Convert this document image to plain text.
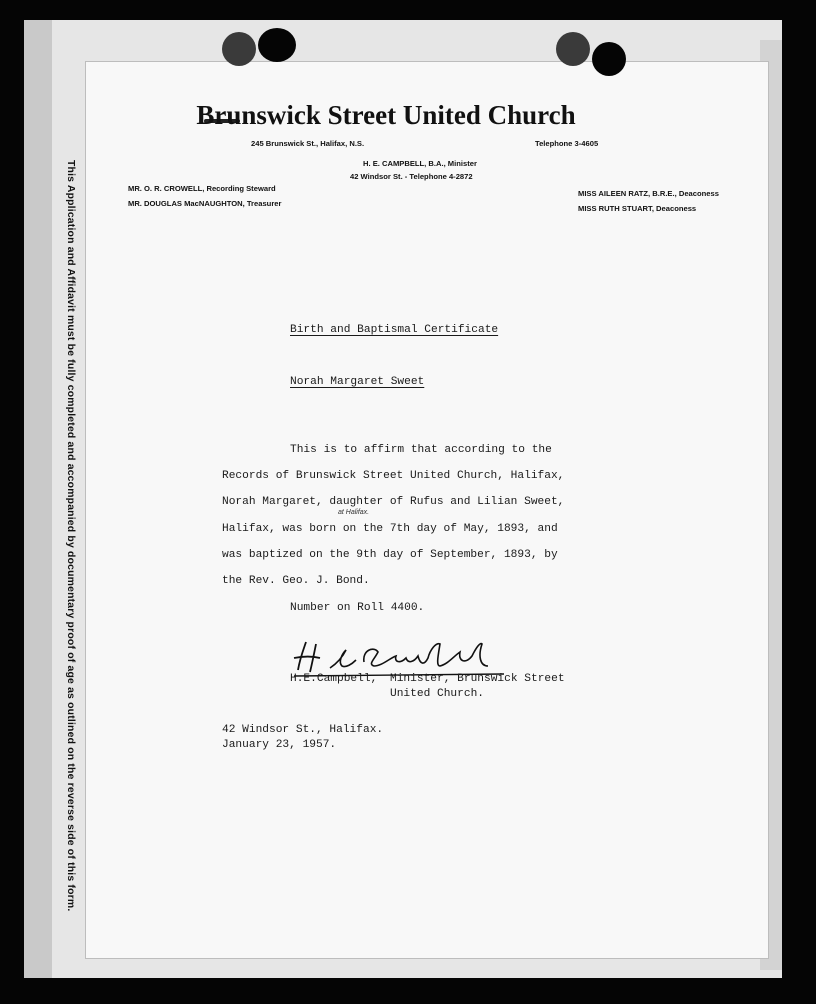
This Application and Affidavit must be fully completed and accompanied by documentary proof of age as outlined on the reverse side of this form.
Brunswick Street United Church
245 Brunswick St., Halifax, N.S.	Telephone 3-4605
H. E. CAMPBELL, B.A., Minister
42 Windsor St. - Telephone 4-2872
MR. O. R. CROWELL, Recording Steward
MR. DOUGLAS MacNAUGHTON, Treasurer
MISS AILEEN RATZ, B.R.E., Deaconess
MISS RUTH STUART, Deaconess
Birth and Baptismal Certificate
Norah Margaret Sweet
This is to affirm that according to the
Records of Brunswick Street United Church, Halifax,
Norah Margaret, daughter of Rufus and Lilian Sweet,
at Halifax.
Halifax, was born on the 7th day of May, 1893, and
was baptized on the 9th day of September, 1893, by
the Rev. Geo. J. Bond.
Number on Roll 4400.
H.E.Campbell, Minister, Brunswick Street
United Church.
42 Windsor St., Halifax.
January 23, 1957.
